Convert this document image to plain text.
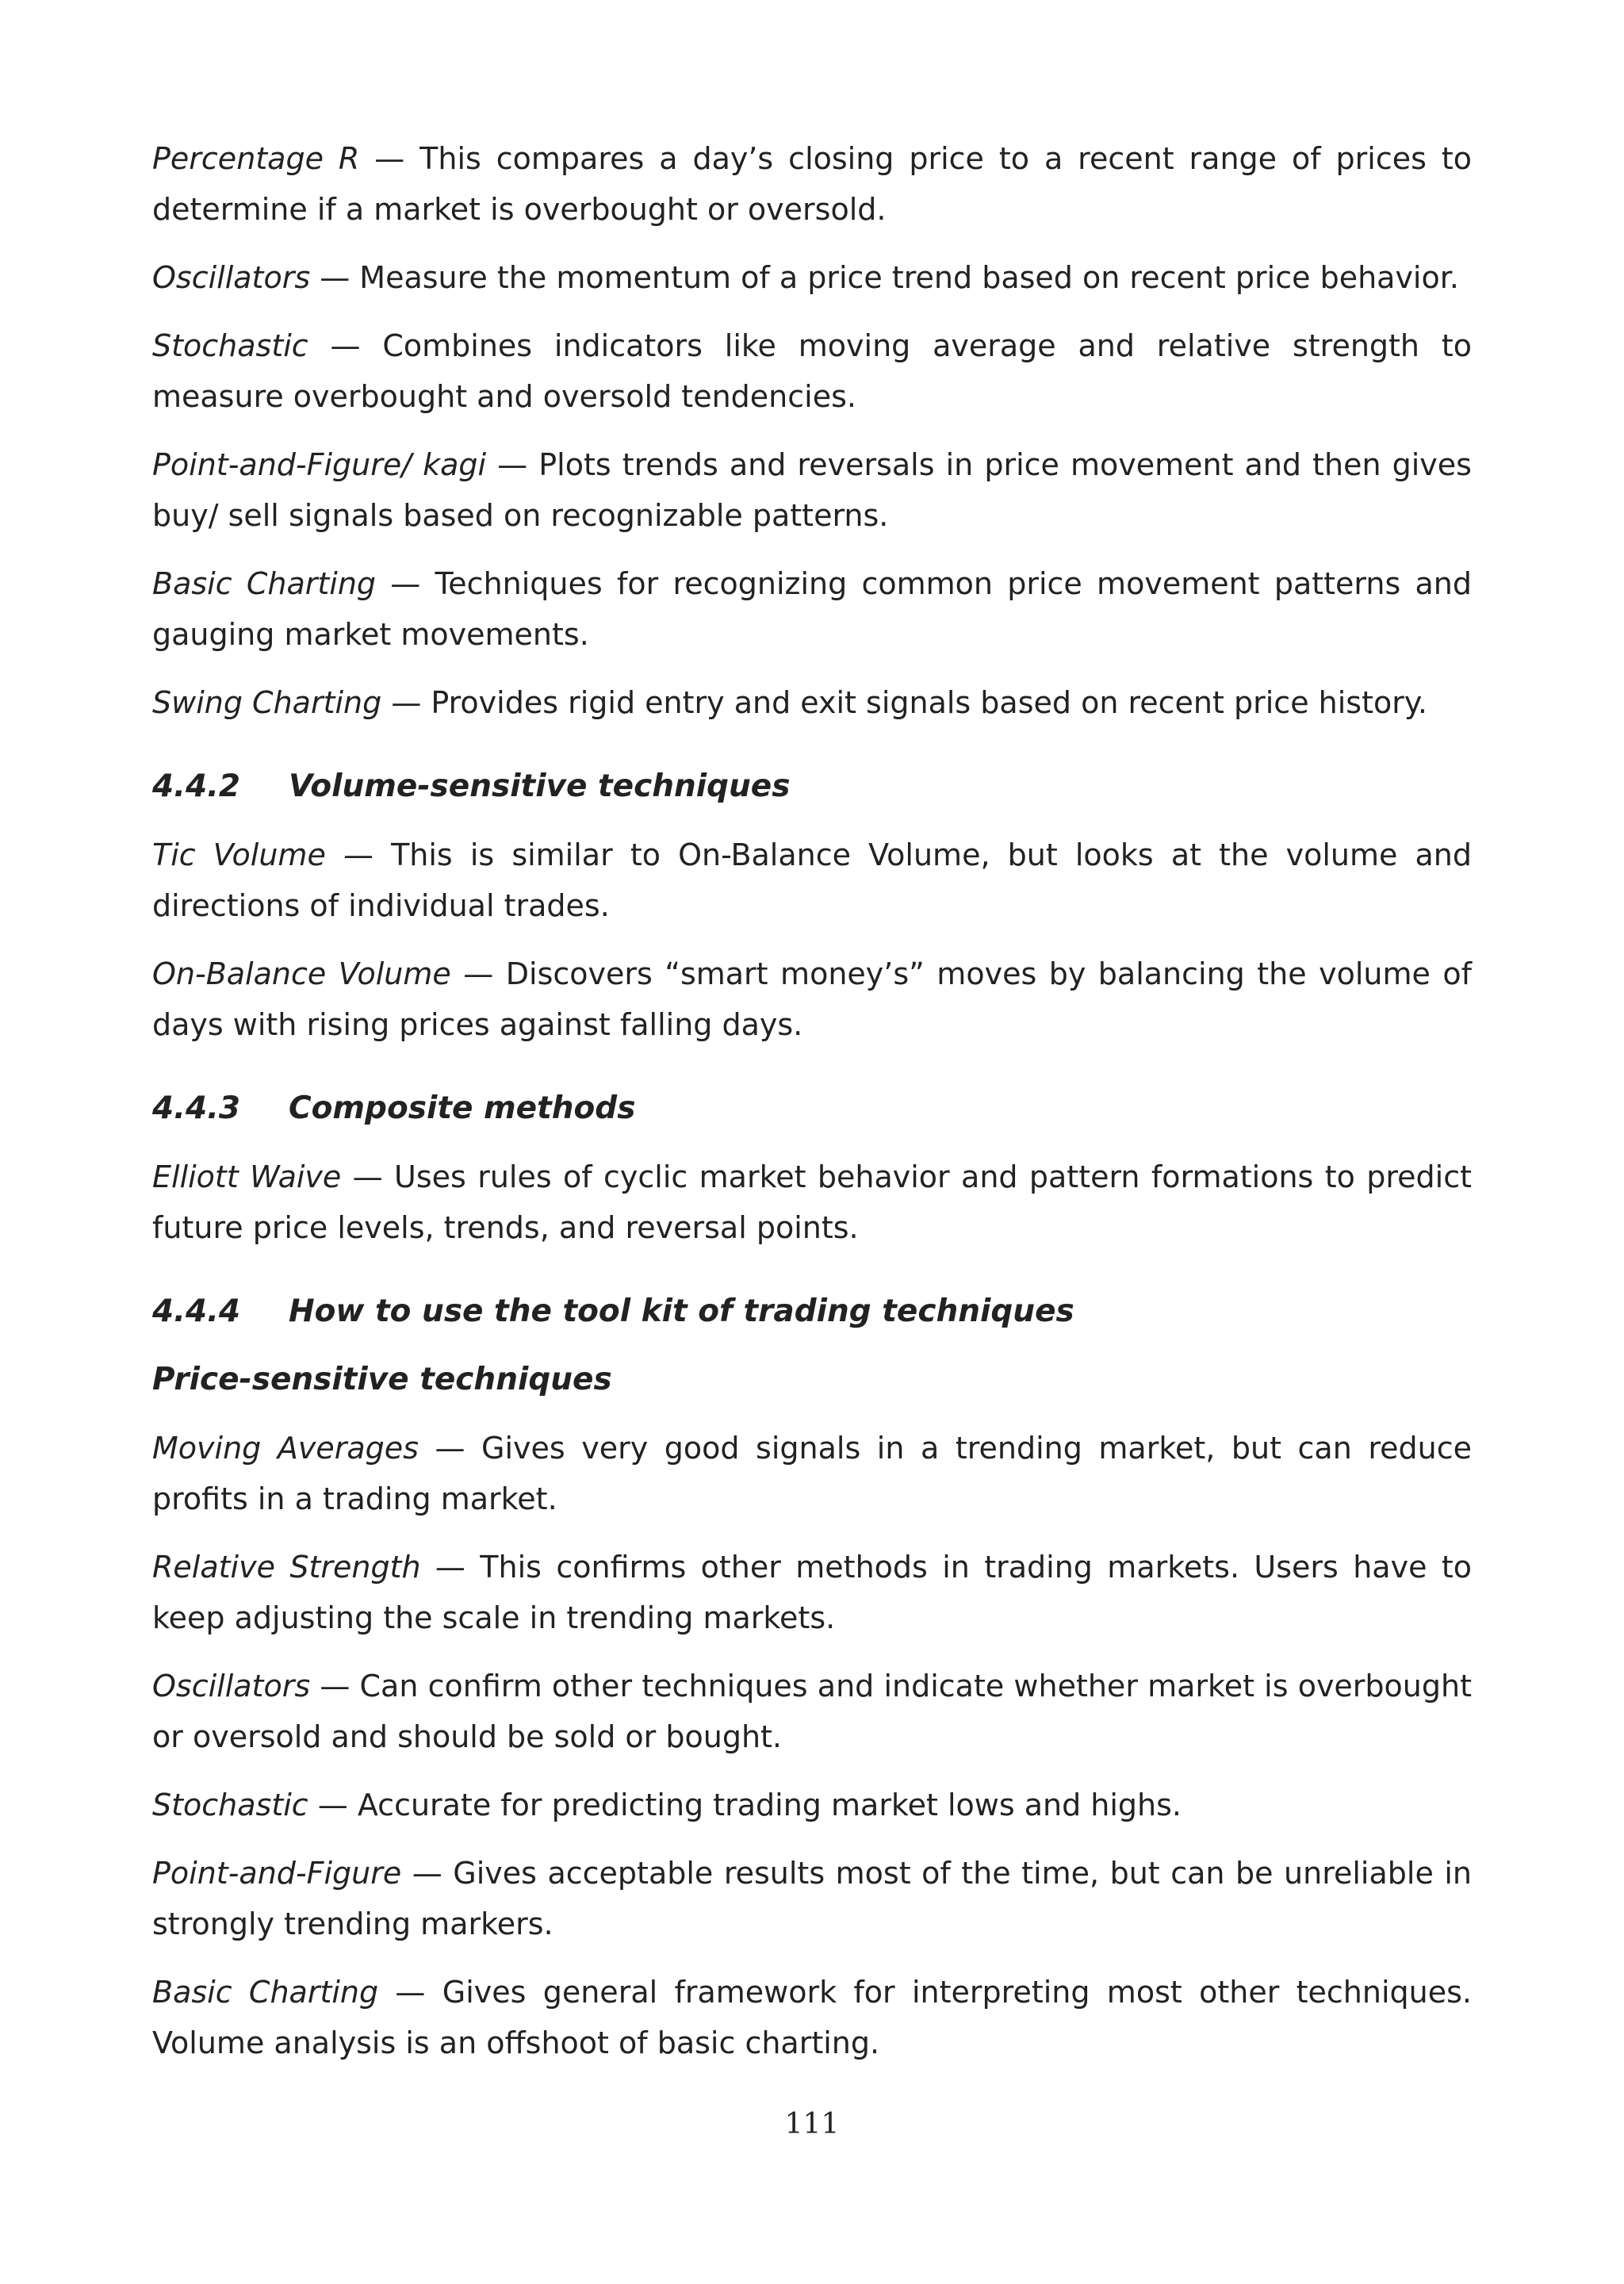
Percentage R — This compares a day’s closing price to a recent range of prices to determine if a market is overbought or oversold.

Oscillators — Measure the momentum of a price trend based on recent price behavior.

Stochastic — Combines indicators like moving average and relative strength to measure overbought and oversold tendencies.

Point-and-Figure/ kagi — Plots trends and reversals in price movement and then gives buy/ sell signals based on recognizable patterns.

Basic Charting — Techniques for recognizing common price movement patterns and gauging market movements.

Swing Charting — Provides rigid entry and exit signals based on recent price history.

4.4.2	Volume-sensitive techniques

Tic Volume — This is similar to On-Balance Volume, but looks at the volume and directions of individual trades.

On-Balance Volume — Discovers “smart money’s” moves by balancing the volume of days with rising prices against falling days.

4.4.3	Composite methods

Elliott Waive — Uses rules of cyclic market behavior and pattern formations to predict future price levels, trends, and reversal points.

4.4.4	How to use the tool kit of trading techniques
Price-sensitive techniques

Moving Averages — Gives very good signals in a trending market, but can reduce profits in a trading market.

Relative Strength — This confirms other methods in trading markets. Users have to keep adjusting the scale in trending markets.

Oscillators — Can confirm other techniques and indicate whether market is overbought or oversold and should be sold or bought.

Stochastic — Accurate for predicting trading market lows and highs.

Point-and-Figure — Gives acceptable results most of the time, but can be unreliable in strongly trending markers.

Basic Charting — Gives general framework for interpreting most other techniques. Volume analysis is an offshoot of basic charting.

111
